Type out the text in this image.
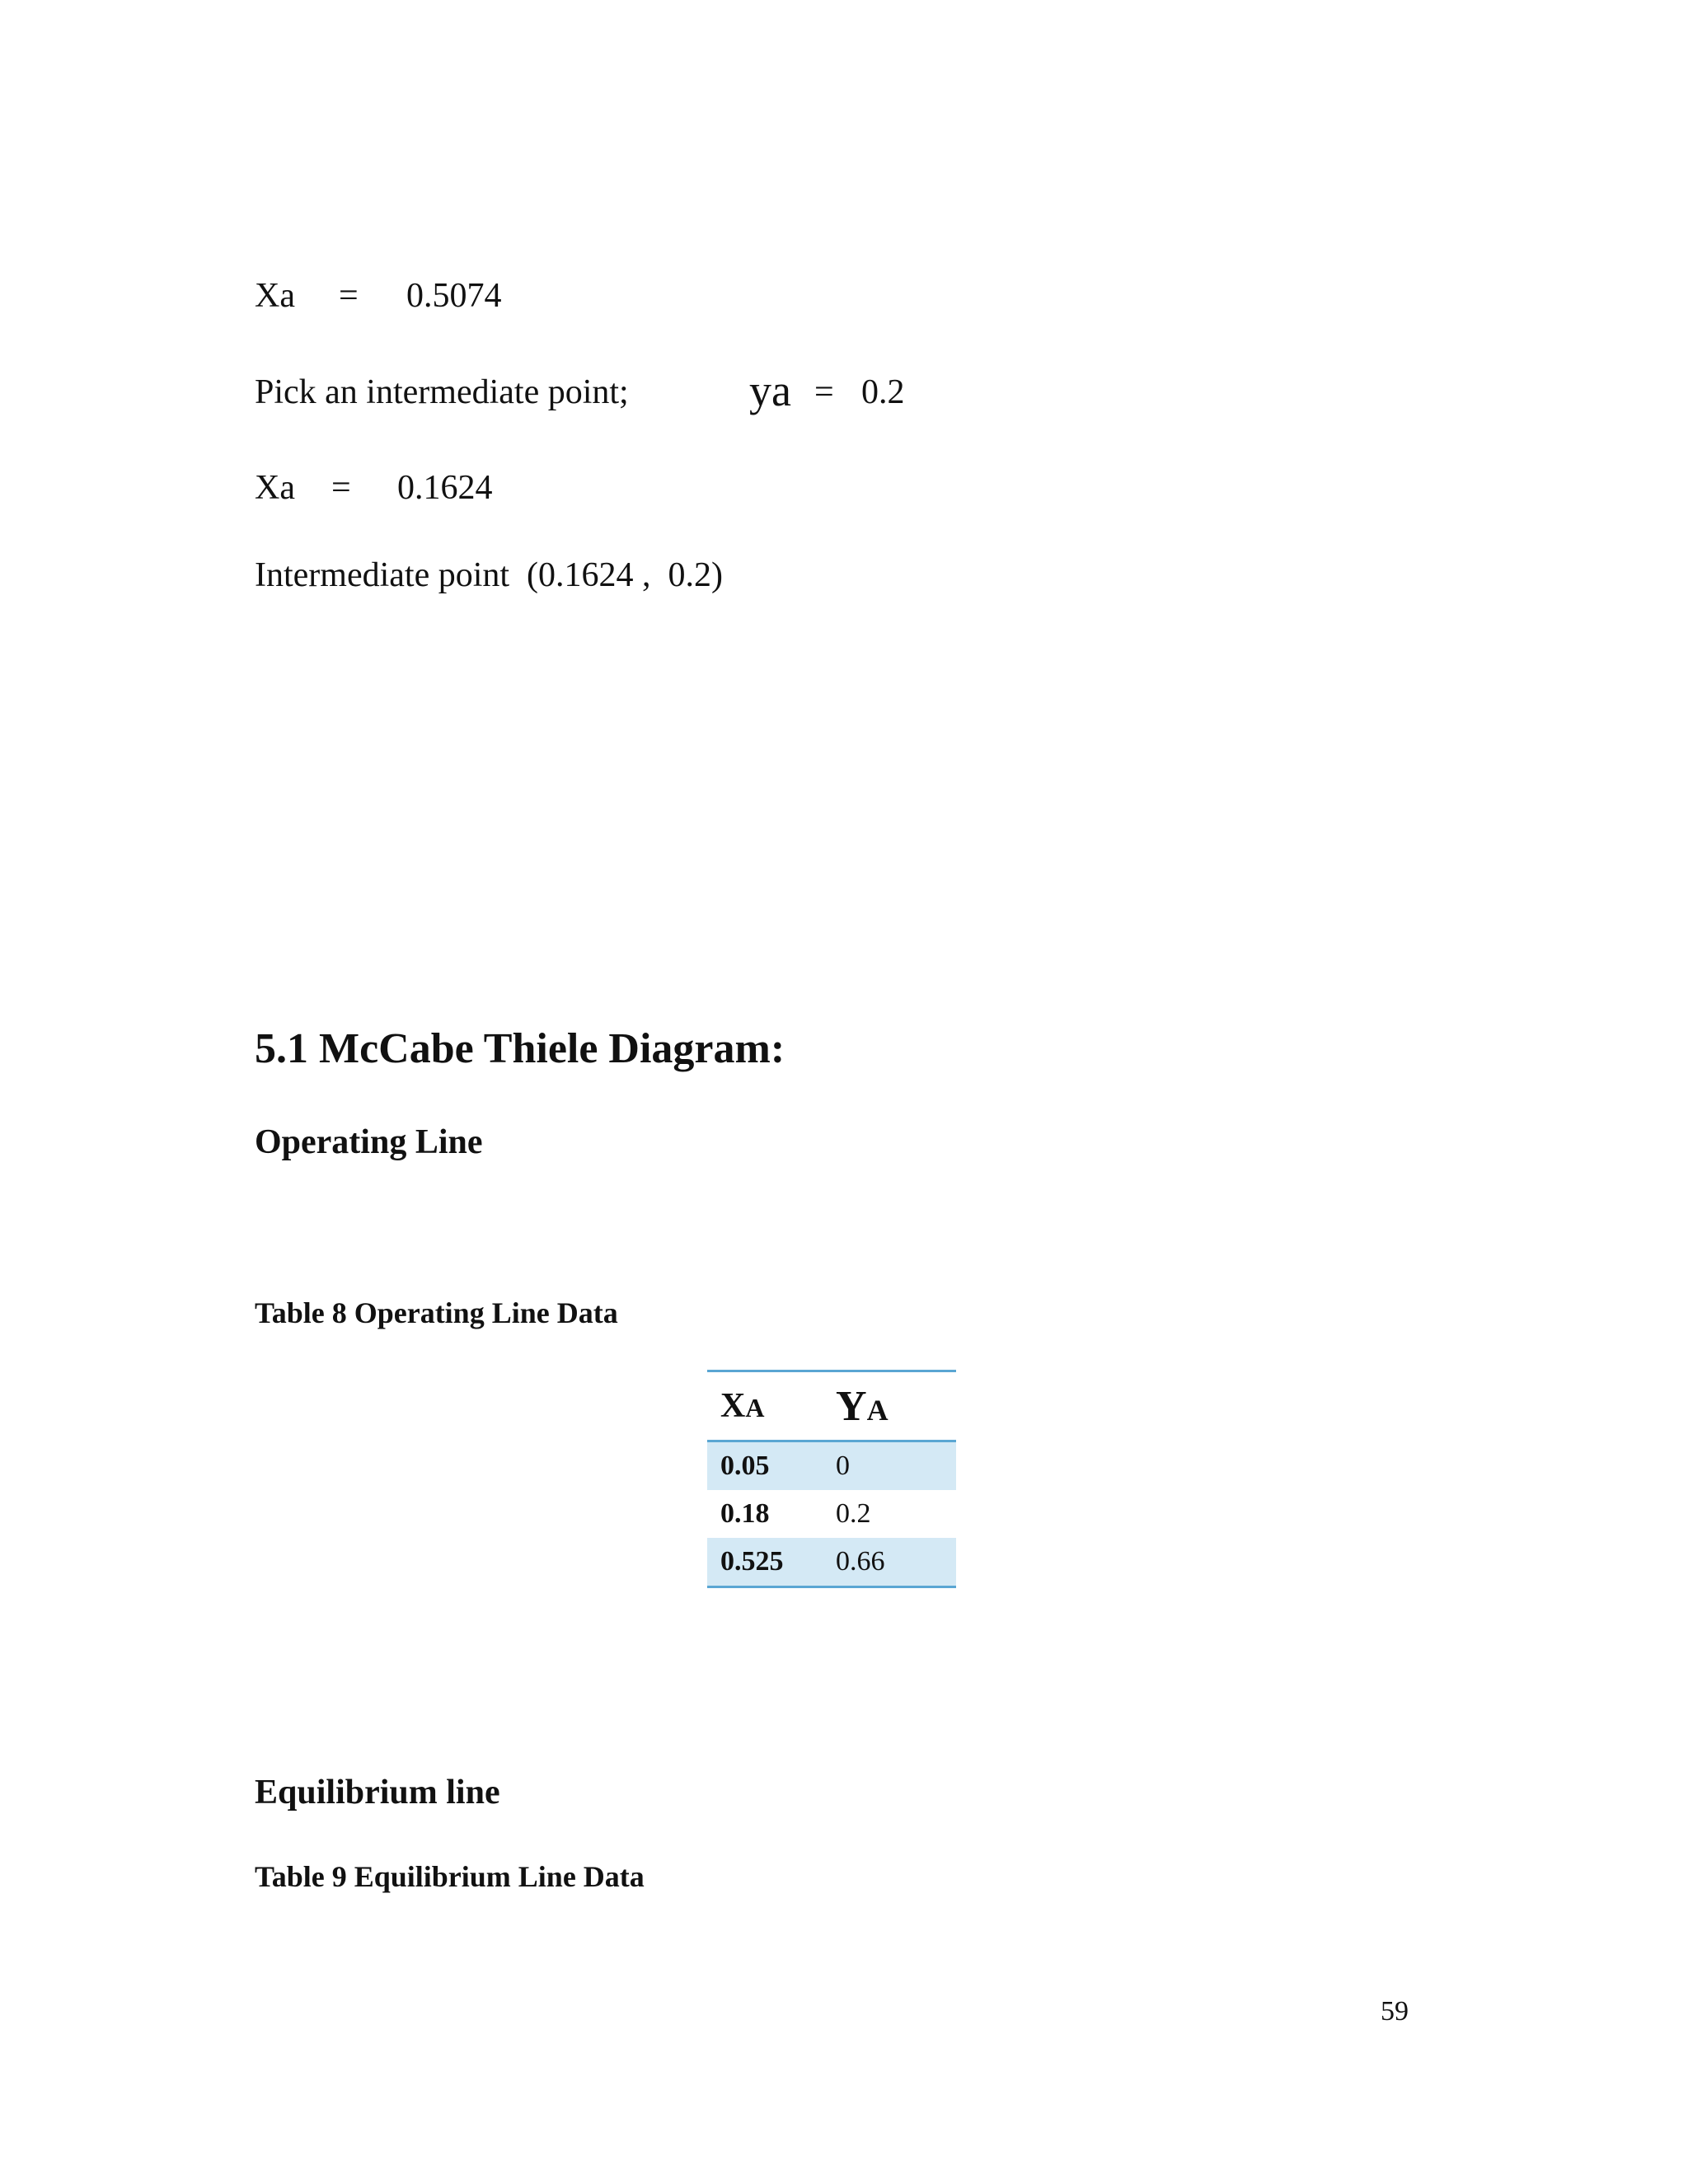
Xa = 0.5074
Pick an intermediate point;	ya = 0.2
Xa = 0.1624
Intermediate point  (0.1624 ,  0.2)
5.1 McCabe Thiele Diagram:
Operating Line
Table 8 Operating Line Data
XA	YA
0.05	0
0.18	0.2
0.525	0.66
Equilibrium line
Table 9 Equilibrium Line Data
59
